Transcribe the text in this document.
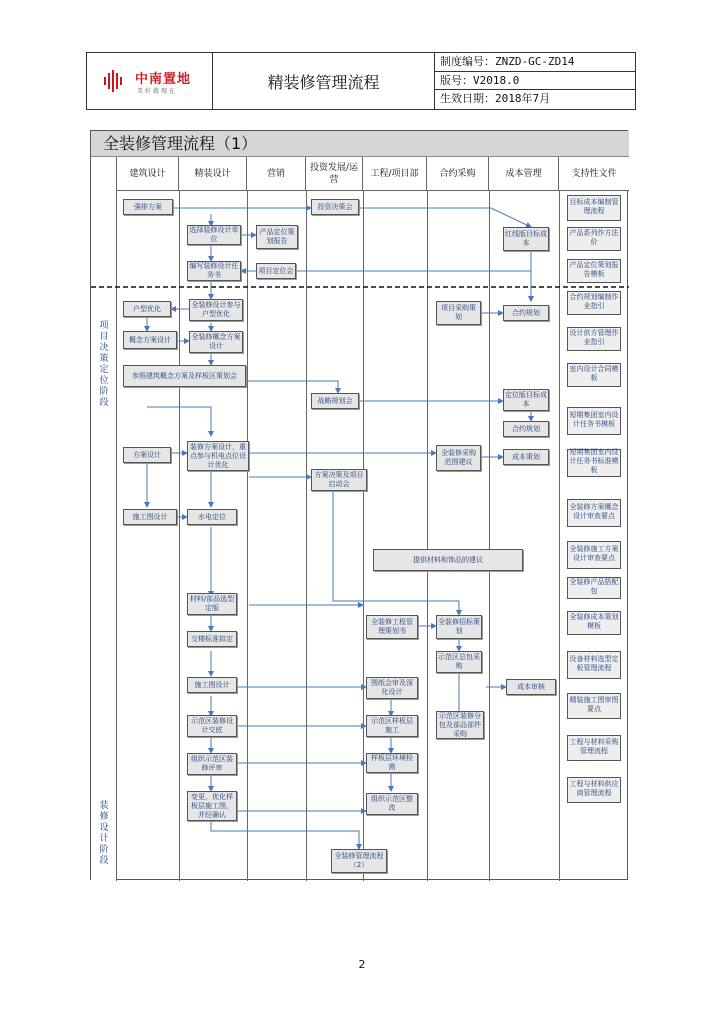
中南置地
美好就现在	精装修管理流程
制度编号：ZNZD-GC-ZD14
版号：V2018.0
生效日期：2018年7月
全装修管理流程（1）
项目决策定位阶段
装修设计阶段
建筑设计	精装设计	营销
投资发展/运营
工程/项目部	合约采购	成本管理	支持性文件
强排方案	投资决策会
选择装修设计单位
产品定位策划报告
红线版目标成本
编写装修设计任务书
项目定位会
户型优化	全装修设计参与户型优化
项目采购策划
合约规划
概念方案设计	全装修概念方案设计
参照建筑概念方案及样板区策划会
战略规划会
定位版目标成本
合约规划
方案设计
装修方案设计，重点参与机电点位设计优化
全装修采购范围建议
成本策划
方案决策及项目启动会
施工图设计	水电定位
提供材料和饰品的建议
材料/部品选型定版
全装修工程管理策划书
全装修招标策划
交楼标准拟定
示范区总包采购
施工图设计	图纸会审及深化设计
成本审核
示范区装修设计交底
示范区样板层施工
示范区装修分包及部品部件采购
组织示范区装修评审
样板层环境检测
变更、优化样板层施工图，并经确认
组织示范区整改
全装修管理流程（2）
目标成本编制管理流程
产品系列作方法价
产品定位策划报告模板
合约规划编制作业指引
设计供方管理作业指引
室内设计合同模板
短期集团室内设计任务书模板
短期集团室内设计任务书标准模板
全装修方案概念设计审查要点
全装修施工方案设计审查要点
全装修产品搭配包
全装修成本策划模板
设备材料选型定板管理流程
精装施工图审图要点
工程与材料采购管理流程
工程与材料供应商管理流程
2
